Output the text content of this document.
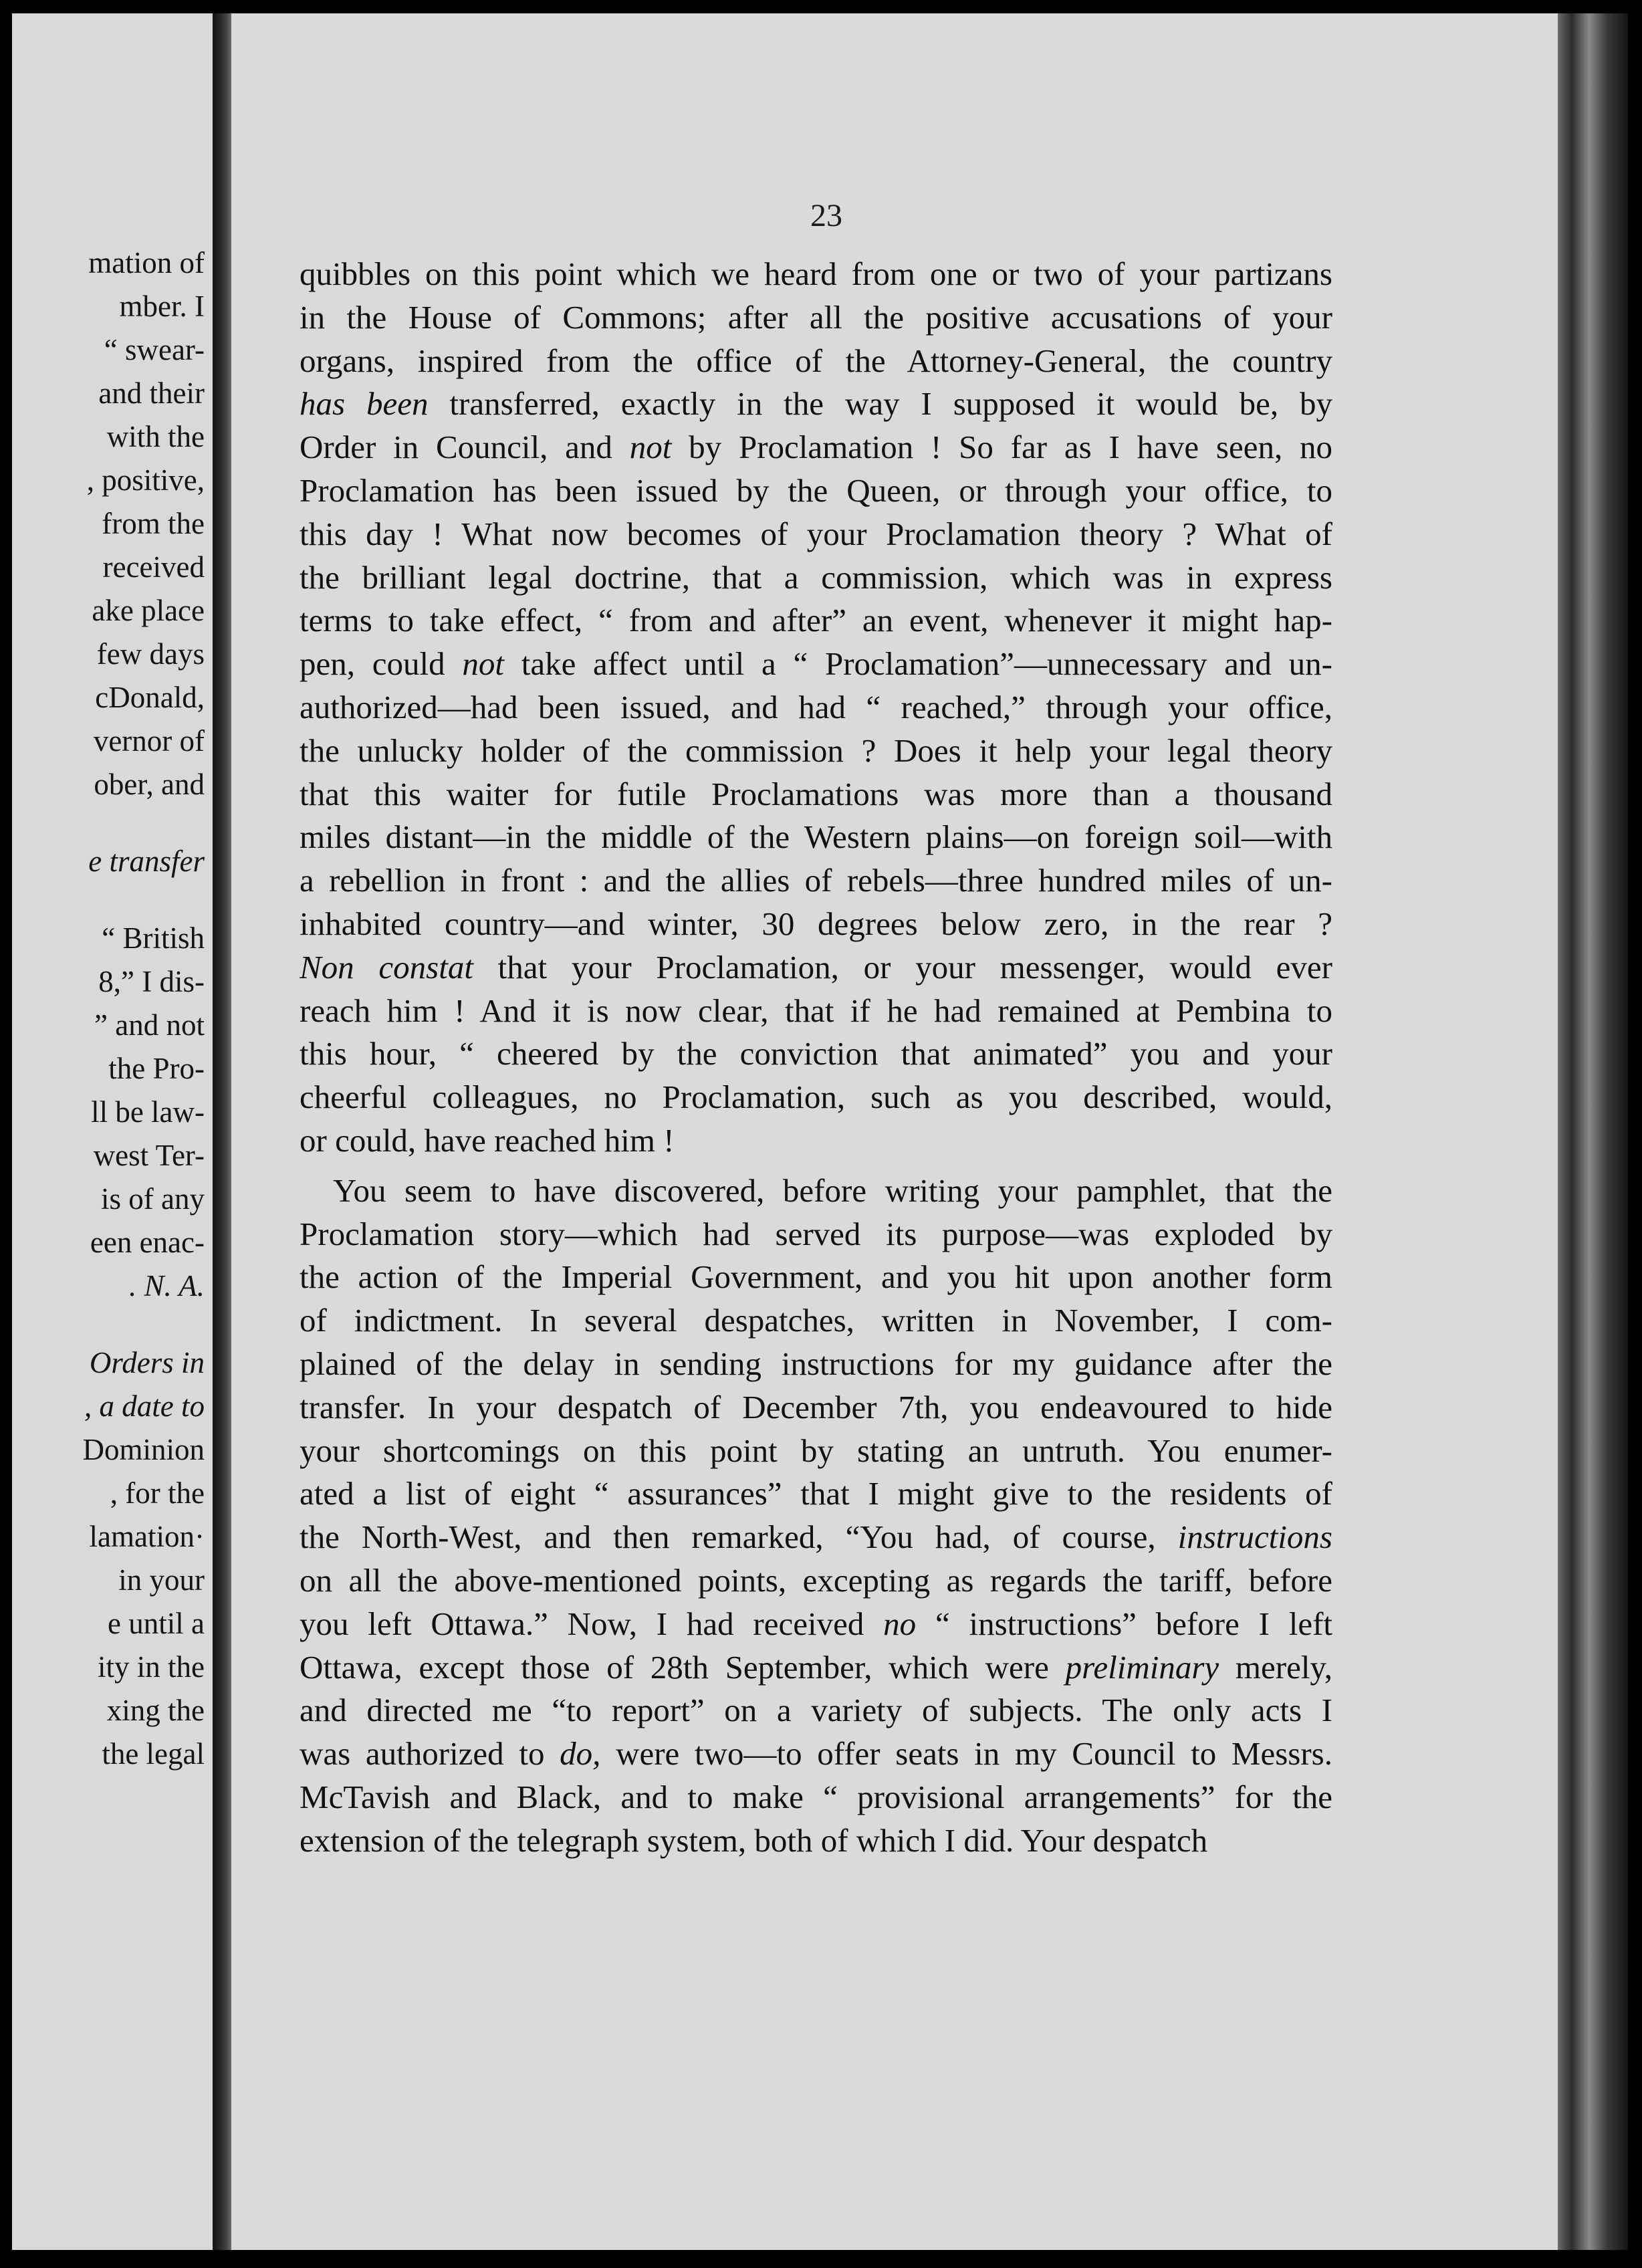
mation of
mber. I
“ swear-
and their
with the
, positive,
from the
received
ake place
few days
cDonald,
vernor of
ober, and
e transfer
“ British
8,” I dis-
” and not
the Pro-
ll be law-
west Ter-
is of any
een enac-
. N. A.
Orders in
, a date to
Dominion
, for the
lamation·
in your
e until a
ity in the
xing the
the legal
23
quibbles on this point which we heard from one or two of your partizans
in the House of Commons; after all the positive accusations of your
organs, inspired from the office of the Attorney-General, the country
has been transferred, exactly in the way I supposed it would be, by
Order in Council, and not by Proclamation ! So far as I have seen, no
Proclamation has been issued by the Queen, or through your office, to
this day ! What now becomes of your Proclamation theory ? What of
the brilliant legal doctrine, that a commission, which was in express
terms to take effect, “ from and after” an event, whenever it might hap-
pen, could not take affect until a “ Proclamation”—unnecessary and un-
authorized—had been issued, and had “ reached,” through your office,
the unlucky holder of the commission ? Does it help your legal theory
that this waiter for futile Proclamations was more than a thousand
miles distant—in the middle of the Western plains—on foreign soil—with
a rebellion in front : and the allies of rebels—three hundred miles of un-
inhabited country—and winter, 30 degrees below zero, in the rear ?
Non constat that your Proclamation, or your messenger, would ever
reach him ! And it is now clear, that if he had remained at Pembina to
this hour, “ cheered by the conviction that animated” you and your
cheerful colleagues, no Proclamation, such as you described, would,
or could, have reached him !
You seem to have discovered, before writing your pamphlet, that the
Proclamation story—which had served its purpose—was exploded by
the action of the Imperial Government, and you hit upon another form
of indictment. In several despatches, written in November, I com-
plained of the delay in sending instructions for my guidance after the
transfer. In your despatch of December 7th, you endeavoured to hide
your shortcomings on this point by stating an untruth. You enumer-
ated a list of eight “ assurances” that I might give to the residents of
the North-West, and then remarked, “You had, of course, instructions
on all the above-mentioned points, excepting as regards the tariff, before
you left Ottawa.” Now, I had received no “ instructions” before I left
Ottawa, except those of 28th September, which were preliminary merely,
and directed me “to report” on a variety of subjects. The only acts I
was authorized to do, were two—to offer seats in my Council to Messrs.
McTavish and Black, and to make “ provisional arrangements” for the
extension of the telegraph system, both of which I did. Your despatch
